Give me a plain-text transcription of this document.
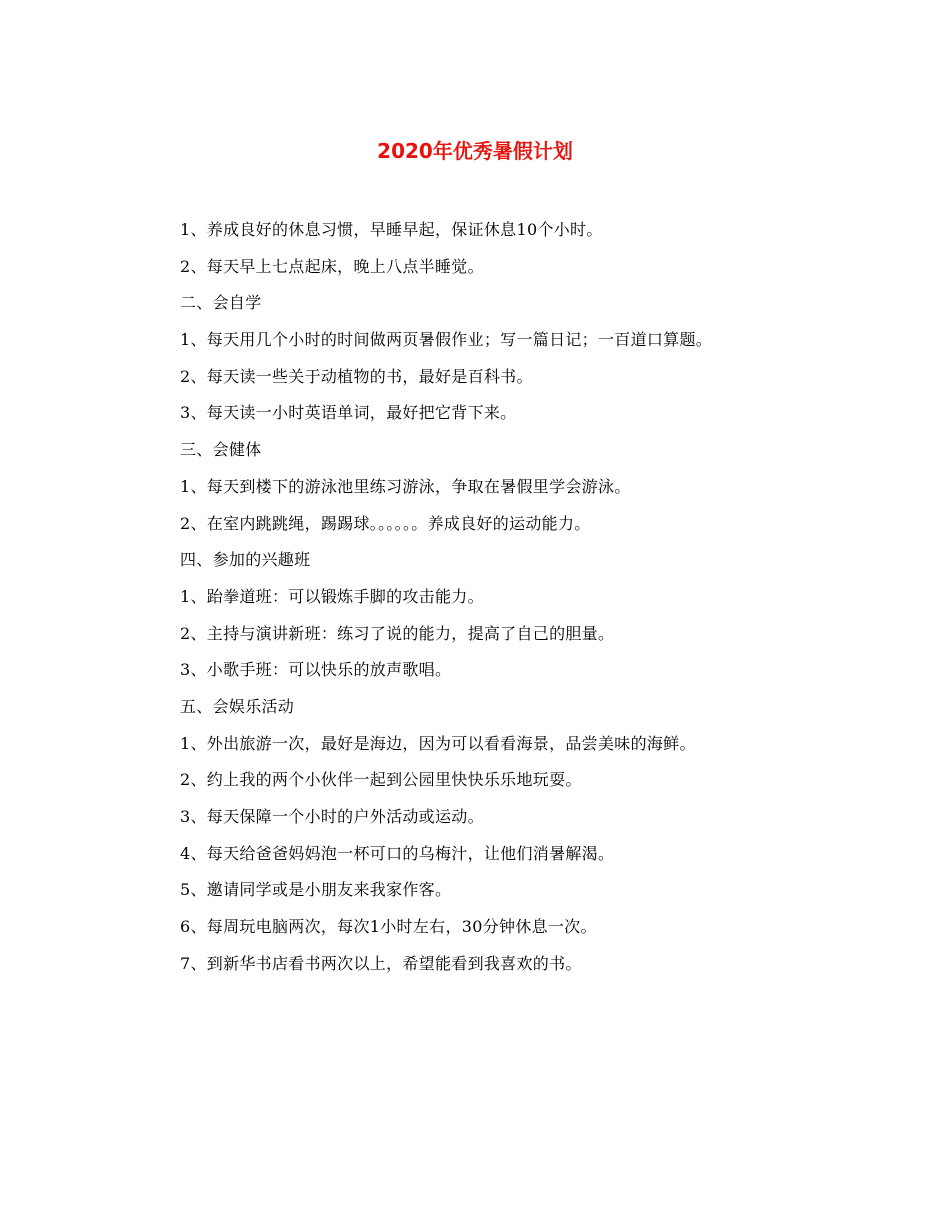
2020年优秀暑假计划
1、养成良好的休息习惯，早睡早起，保证休息10个小时。
2、每天早上七点起床，晚上八点半睡觉。
二、会自学
1、每天用几个小时的时间做两页暑假作业；写一篇日记；一百道口算题。
2、每天读一些关于动植物的书，最好是百科书。
3、每天读一小时英语单词，最好把它背下来。
三、会健体
1、每天到楼下的游泳池里练习游泳，争取在暑假里学会游泳。
2、在室内跳跳绳，踢踢球。。。。。。养成良好的运动能力。
四、参加的兴趣班
1、跆拳道班：可以锻炼手脚的攻击能力。
2、主持与演讲新班：练习了说的能力，提高了自己的胆量。
3、小歌手班：可以快乐的放声歌唱。
五、会娱乐活动
1、外出旅游一次，最好是海边，因为可以看看海景，品尝美味的海鲜。
2、约上我的两个小伙伴一起到公园里快快乐乐地玩耍。
3、每天保障一个小时的户外活动或运动。
4、每天给爸爸妈妈泡一杯可口的乌梅汁，让他们消暑解渴。
5、邀请同学或是小朋友来我家作客。
6、每周玩电脑两次，每次1小时左右，30分钟休息一次。
7、到新华书店看书两次以上，希望能看到我喜欢的书。
